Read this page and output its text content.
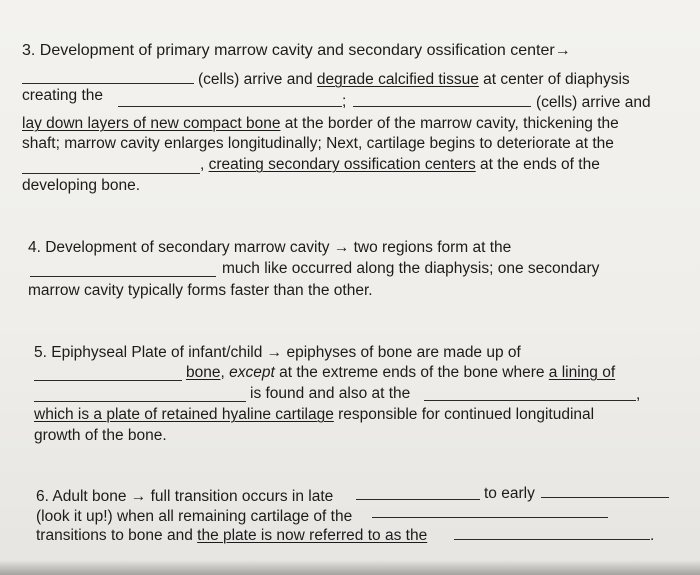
3. Development of primary marrow cavity and secondary ossification center→
(cells) arrive and degrade calcified tissue at center of diaphysis
creating the	;	(cells) arrive and
lay down layers of new compact bone at the border of the marrow cavity, thickening the
shaft; marrow cavity enlarges longitudinally; Next, cartilage begins to deteriorate at the
, creating secondary ossification centers at the ends of the
developing bone.
4. Development of secondary marrow cavity → two regions form at the
much like occurred along the diaphysis; one secondary
marrow cavity typically forms faster than the other.
5. Epiphyseal Plate of infant/child → epiphyses of bone are made up of
bone, except at the extreme ends of the bone where a lining of
is found and also at the	,
which is a plate of retained hyaline cartilage responsible for continued longitudinal
growth of the bone.
6. Adult bone → full transition occurs in late	to early
(look it up!) when all remaining cartilage of the
transitions to bone and the plate is now referred to as the	.
